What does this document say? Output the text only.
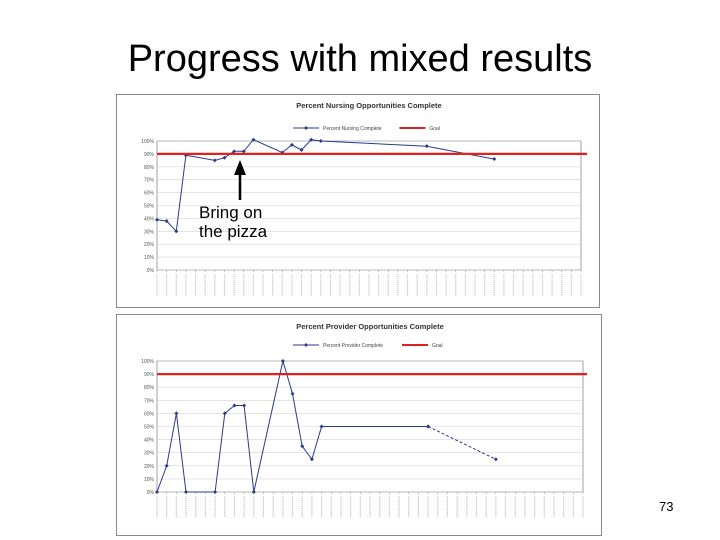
Progress with mixed results
Percent Nursing Opportunities Complete
0%
10%
20%
30%
40%
50%
60%
70%
80%
90%
100%
Percent Nursing Complete	Goal
Percent Provider Opportunities Complete
0%
10%
20%
30%
40%
50%
60%
70%
80%
90%
100%
Percent Provider Complete	Goal
Bring on
the pizza
73
